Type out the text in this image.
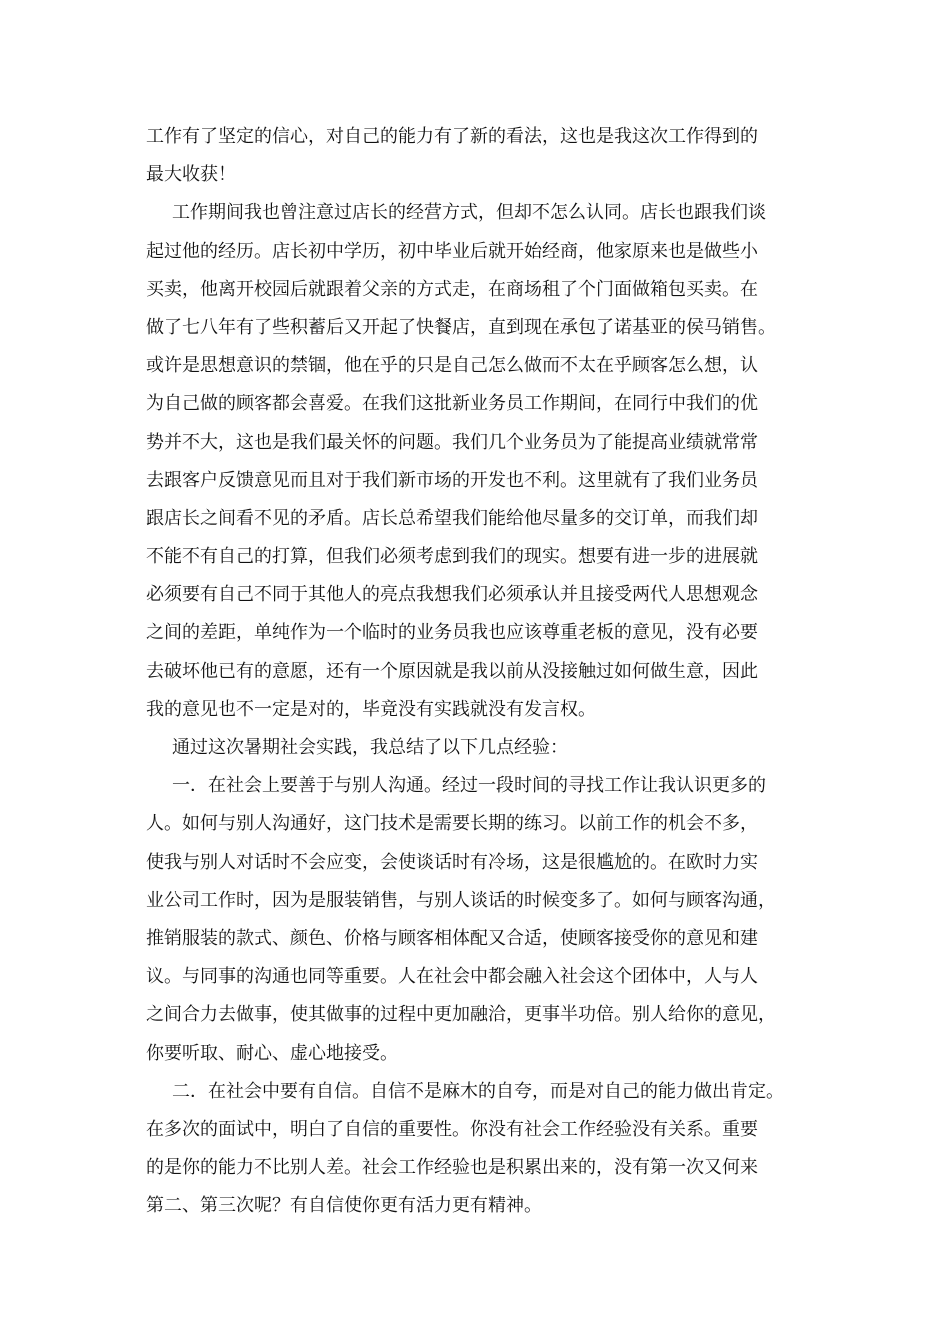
工作有了坚定的信心，对自己的能力有了新的看法，这也是我这次工作得到的
最大收获！
工作期间我也曾注意过店长的经营方式，但却不怎么认同。店长也跟我们谈
起过他的经历。店长初中学历，初中毕业后就开始经商，他家原来也是做些小
买卖，他离开校园后就跟着父亲的方式走，在商场租了个门面做箱包买卖。在
做了七八年有了些积蓄后又开起了快餐店，直到现在承包了诺基亚的侯马销售。
或许是思想意识的禁锢，他在乎的只是自己怎么做而不太在乎顾客怎么想，认
为自己做的顾客都会喜爱。在我们这批新业务员工作期间，在同行中我们的优
势并不大，这也是我们最关怀的问题。我们几个业务员为了能提高业绩就常常
去跟客户反馈意见而且对于我们新市场的开发也不利。这里就有了我们业务员
跟店长之间看不见的矛盾。店长总希望我们能给他尽量多的交订单，而我们却
不能不有自己的打算，但我们必须考虑到我们的现实。想要有进一步的进展就
必须要有自己不同于其他人的亮点我想我们必须承认并且接受两代人思想观念
之间的差距，单纯作为一个临时的业务员我也应该尊重老板的意见，没有必要
去破坏他已有的意愿，还有一个原因就是我以前从没接触过如何做生意，因此
我的意见也不一定是对的，毕竟没有实践就没有发言权。
通过这次暑期社会实践，我总结了以下几点经验：
一．在社会上要善于与别人沟通。经过一段时间的寻找工作让我认识更多的
人。如何与别人沟通好，这门技术是需要长期的练习。以前工作的机会不多，
使我与别人对话时不会应变，会使谈话时有冷场，这是很尴尬的。在欧时力实
业公司工作时，因为是服装销售，与别人谈话的时候变多了。如何与顾客沟通，
推销服装的款式、颜色、价格与顾客相体配又合适，使顾客接受你的意见和建
议。与同事的沟通也同等重要。人在社会中都会融入社会这个团体中，人与人
之间合力去做事，使其做事的过程中更加融洽，更事半功倍。别人给你的意见，
你要听取、耐心、虚心地接受。
二．在社会中要有自信。自信不是麻木的自夸，而是对自己的能力做出肯定。
在多次的面试中，明白了自信的重要性。你没有社会工作经验没有关系。重要
的是你的能力不比别人差。社会工作经验也是积累出来的，没有第一次又何来
第二、第三次呢？有自信使你更有活力更有精神。
